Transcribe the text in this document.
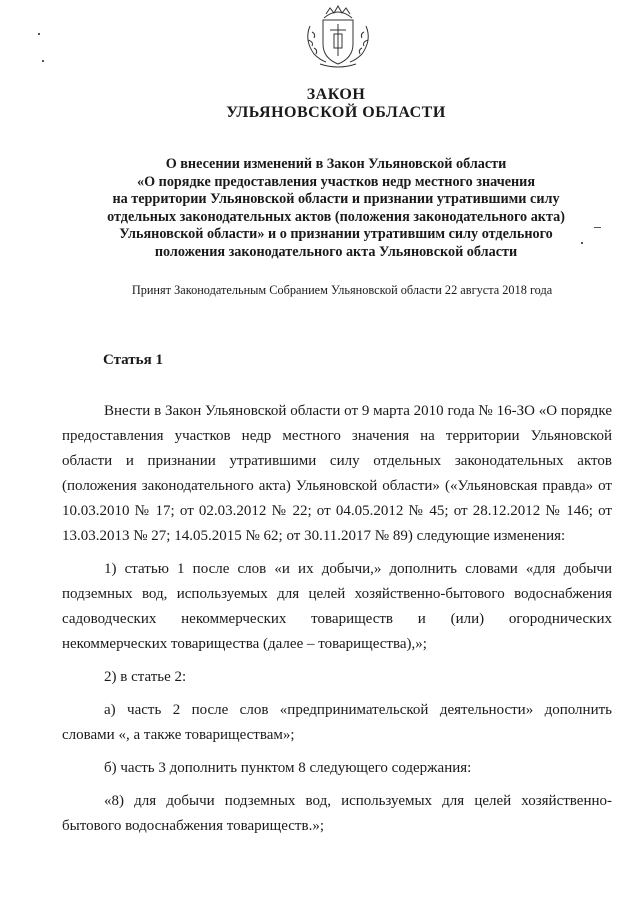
ЗАКОН
УЛЬЯНОВСКОЙ ОБЛАСТИ
О внесении изменений в Закон Ульяновской области
«О порядке предоставления участков недр местного значения
на территории Ульяновской области и признании утратившими силу
отдельных законодательных актов (положения законодательного акта)
Ульяновской области» и о признании утратившим силу отдельного
положения законодательного акта Ульяновской области
Принят Законодательным Собранием Ульяновской области 22 августа 2018 года
Статья 1

Внести в Закон Ульяновской области от 9 марта 2010 года № 16-ЗО «О порядке предоставления участков недр местного значения на территории Ульяновской области и признании утратившими силу отдельных законодательных актов (положения законодательного акта) Ульяновской области» («Ульяновская правда» от 10.03.2010 № 17; от 02.03.2012 № 22; от 04.05.2012 № 45; от 28.12.2012 № 146; от 13.03.2013 № 27; 14.05.2015 № 62; от 30.11.2017 № 89) следующие изменения:

1) статью 1 после слов «и их добычи,» дополнить словами «для добычи подземных вод, используемых для целей хозяйственно-бытового водоснабжения садоводческих некоммерческих товариществ и (или) огороднических некоммерческих товарищества (далее – товарищества),»;

2) в статье 2:

а) часть 2 после слов «предпринимательской деятельности» дополнить словами «, а также товариществам»;

б) часть 3 дополнить пунктом 8 следующего содержания:

«8) для добычи подземных вод, используемых для целей хозяйственно-бытового водоснабжения товариществ.»;
